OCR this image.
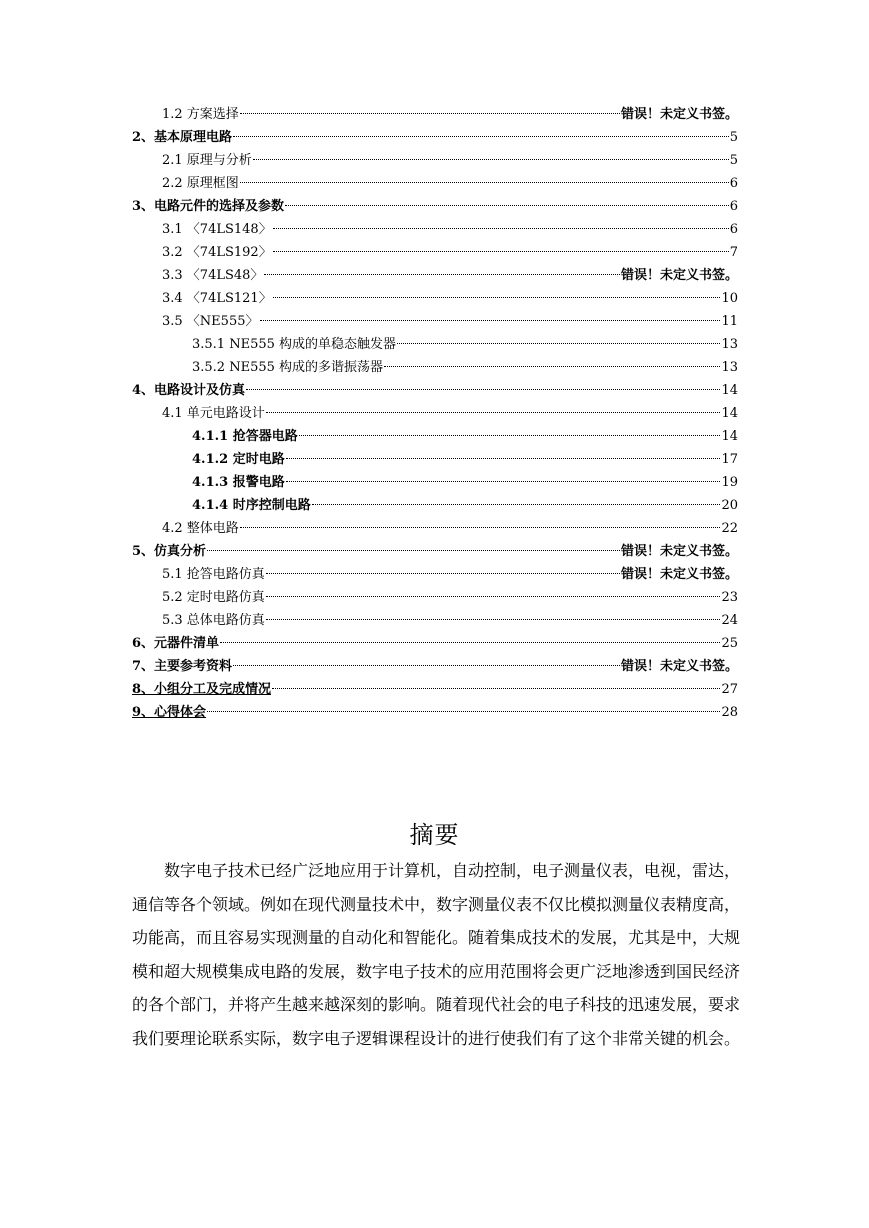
1.2 方案选择	错误！未定义书签。
2、基本原理电路	5
2.1 原理与分析	5
2.2 原理框图	6
3、电路元件的选择及参数	6
3.1 〈74LS148〉	6
3.2 〈74LS192〉	7
3.3 〈74LS48〉	错误！未定义书签。
3.4 〈74LS121〉	10
3.5 〈NE555〉	11
3.5.1 NE555 构成的单稳态触发器	13
3.5.2 NE555 构成的多谐振荡器	13
4、电路设计及仿真	14
4.1 单元电路设计	14
4.1.1 抢答器电路	14
4.1.2 定时电路	17
4.1.3 报警电路	19
4.1.4 时序控制电路	20
4.2 整体电路	22
5、仿真分析	错误！未定义书签。
5.1 抢答电路仿真	错误！未定义书签。
5.2 定时电路仿真	23
5.3 总体电路仿真	24
6、元器件清单	25
7、主要参考资料	错误！未定义书签。
8、小组分工及完成情况	27
9、心得体会	28
摘要

数字电子技术已经广泛地应用于计算机，自动控制，电子测量仪表，电视，雷达，通信等各个领域。例如在现代测量技术中，数字测量仪表不仅比模拟测量仪表精度高，功能高，而且容易实现测量的自动化和智能化。随着集成技术的发展，尤其是中，大规模和超大规模集成电路的发展，数字电子技术的应用范围将会更广泛地渗透到国民经济的各个部门，并将产生越来越深刻的影响。随着现代社会的电子科技的迅速发展，要求我们要理论联系实际，数字电子逻辑课程设计的进行使我们有了这个非常关键的机会。
